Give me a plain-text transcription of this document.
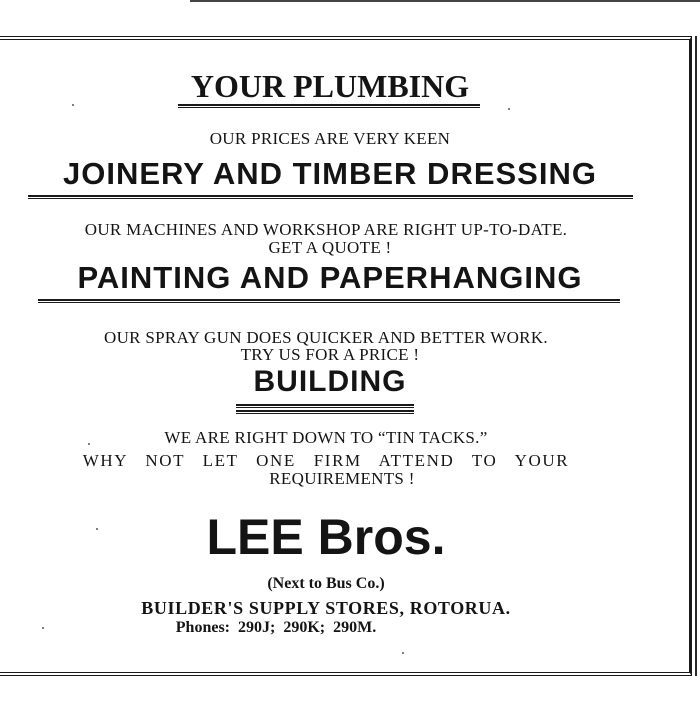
YOUR PLUMBING
OUR PRICES ARE VERY KEEN
JOINERY AND TIMBER DRESSING
OUR MACHINES AND WORKSHOP ARE RIGHT UP-TO-DATE.
GET A QUOTE !
PAINTING AND PAPERHANGING
OUR SPRAY GUN DOES QUICKER AND BETTER WORK.
TRY US FOR A PRICE !
BUILDING
WE ARE RIGHT DOWN TO “TIN TACKS.”
WHY NOT LET ONE FIRM ATTEND TO YOUR
REQUIREMENTS !
LEE Bros.
(Next to Bus Co.)
BUILDER'S SUPPLY STORES, ROTORUA.
Phones:  290J;  290K;  290M.
